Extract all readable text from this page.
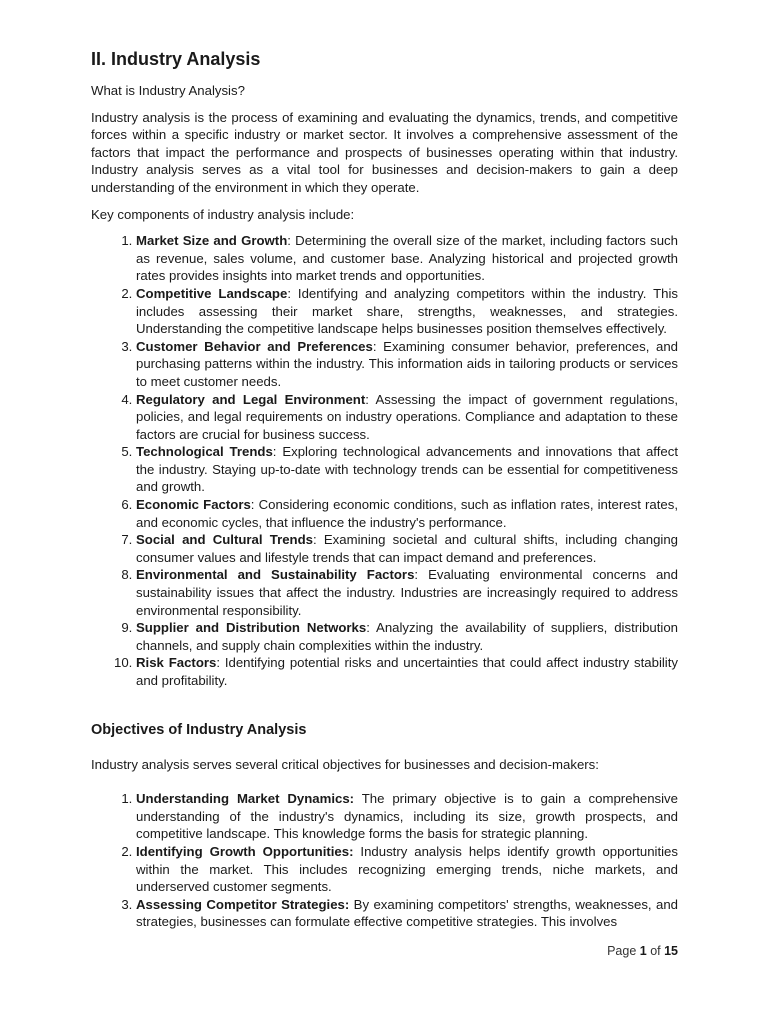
II. Industry Analysis

What is Industry Analysis?

Industry analysis is the process of examining and evaluating the dynamics, trends, and competitive forces within a specific industry or market sector. It involves a comprehensive assessment of the factors that impact the performance and prospects of businesses operating within that industry. Industry analysis serves as a vital tool for businesses and decision-makers to gain a deep understanding of the environment in which they operate.

Key components of industry analysis include:

1. Market Size and Growth: Determining the overall size of the market, including factors such as revenue, sales volume, and customer base. Analyzing historical and projected growth rates provides insights into market trends and opportunities.
2. Competitive Landscape: Identifying and analyzing competitors within the industry. This includes assessing their market share, strengths, weaknesses, and strategies. Understanding the competitive landscape helps businesses position themselves effectively.
3. Customer Behavior and Preferences: Examining consumer behavior, preferences, and purchasing patterns within the industry. This information aids in tailoring products or services to meet customer needs.
4. Regulatory and Legal Environment: Assessing the impact of government regulations, policies, and legal requirements on industry operations. Compliance and adaptation to these factors are crucial for business success.
5. Technological Trends: Exploring technological advancements and innovations that affect the industry. Staying up-to-date with technology trends can be essential for competitiveness and growth.
6. Economic Factors: Considering economic conditions, such as inflation rates, interest rates, and economic cycles, that influence the industry's performance.
7. Social and Cultural Trends: Examining societal and cultural shifts, including changing consumer values and lifestyle trends that can impact demand and preferences.
8. Environmental and Sustainability Factors: Evaluating environmental concerns and sustainability issues that affect the industry. Industries are increasingly required to address environmental responsibility.
9. Supplier and Distribution Networks: Analyzing the availability of suppliers, distribution channels, and supply chain complexities within the industry.
10. Risk Factors: Identifying potential risks and uncertainties that could affect industry stability and profitability.
Objectives of Industry Analysis

Industry analysis serves several critical objectives for businesses and decision-makers:

1. Understanding Market Dynamics: The primary objective is to gain a comprehensive understanding of the industry's dynamics, including its size, growth prospects, and competitive landscape. This knowledge forms the basis for strategic planning.
2. Identifying Growth Opportunities: Industry analysis helps identify growth opportunities within the market. This includes recognizing emerging trends, niche markets, and underserved customer segments.
3. Assessing Competitor Strategies: By examining competitors' strengths, weaknesses, and strategies, businesses can formulate effective competitive strategies. This involves
Page 1 of 15
